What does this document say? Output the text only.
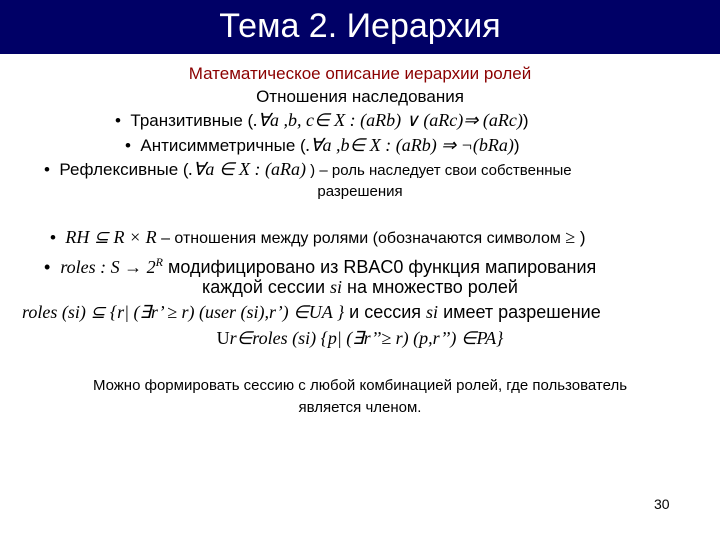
Тема 2. Иерархия
Математическое описание иерархии ролей
Отношения наследования
•  Транзитивные (.∀a ,b, c∈ X : (aRb) ∨ (aRc)⇒ (aRc))
•  Антисимметричные (.∀a ,b∈ X : (aRb) ⇒ ¬(bRa))
•  Рефлексивные (.∀a ∈ X : (aRa) ) – роль наследует свои собственные
разрешения
•  RH ⊆ R × R – отношения между ролями (обозначаются символом ≥ )
•  roles : $S \to 2^R$ модифицировано из RBAC0 функция мапирования
каждой сессии si на множество ролей
roles (si) ⊆ {r| (∃r’ ≥ r) (user (si),r’) ∈UA } и сессия si имеет разрешение
Ur∈roles (si) {p| (∃r’’≥ r) (p,r’’) ∈PA}
Можно формировать сессию с любой комбинацией ролей, где пользователь
является членом.
30
